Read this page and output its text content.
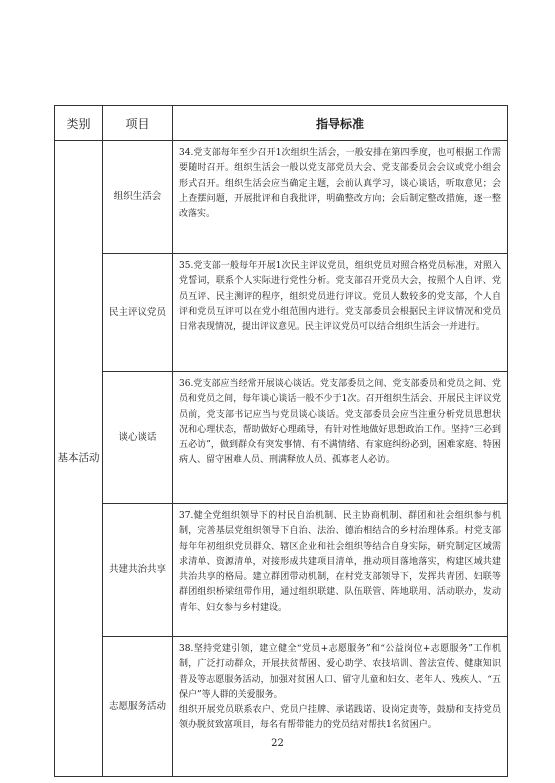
类别	项目	指导标准
基本活动	组织生活会	34.党支部每年至少召开1次组织生活会，一般安排在第四季度，也可根据工作需要随时召开。组织生活会一般以党支部党员大会、党支部委员会会议或党小组会形式召开。组织生活会应当确定主题，会前认真学习，谈心谈话，听取意见；会上查摆问题，开展批评和自我批评，明确整改方向；会后制定整改措施，逐一整改落实。

	民主评议党员	35.党支部一般每年开展1次民主评议党员，组织党员对照合格党员标准，对照入党誓词，联系个人实际进行党性分析。党支部召开党员大会，按照个人自评、党员互评、民主测评的程序，组织党员进行评议。党员人数较多的党支部，个人自评和党员互评可以在党小组范围内进行。党支部委员会根据民主评议情况和党员日常表现情况，提出评议意见。民主评议党员可以结合组织生活会一并进行。

	谈心谈话	36.党支部应当经常开展谈心谈话。党支部委员之间、党支部委员和党员之间、党员和党员之间，每年谈心谈话一般不少于1次。召开组织生活会、开展民主评议党员前，党支部书记应当与党员谈心谈话。党支部委员会应当注重分析党员思想状况和心理状态，帮助做好心理疏导，有针对性地做好思想政治工作。坚持“三必到五必访”，做到群众有突发事情、有不满情绪、有家庭纠纷必到，困难家庭、特困病人、留守困难人员、刑满释放人员、孤寡老人必访。

	共建共治共享	37.健全党组织领导下的村民自治机制、民主协商机制、群团和社会组织参与机制，完善基层党组织领导下自治、法治、德治相结合的乡村治理体系。村党支部每年年初组织党员群众、辖区企业和社会组织等结合自身实际，研究制定区域需求清单、资源清单，对接形成共建项目清单，推动项目落地落实，构建区域共建共治共享的格局。建立群团带动机制，在村党支部领导下，发挥共青团、妇联等群团组织桥梁纽带作用，通过组织联建、队伍联管、阵地联用、活动联办，发动青年、妇女参与乡村建设。

	志愿服务活动	38.坚持党建引领，建立健全“党员+志愿服务”和“公益岗位+志愿服务”工作机制，广泛打动群众，开展扶贫帮困、爱心助学、农技培训、普法宣传、健康知识普及等志愿服务活动，加强对贫困人口、留守儿童和妇女、老年人、残疾人、“五保户”等人群的关爱服务。

组织开展党员联系农户、党员户挂牌、承诺践诺、设岗定责等，鼓励和支持党员领办脱贫致富项目，每名有帮带能力的党员结对帮扶1名贫困户。

22
